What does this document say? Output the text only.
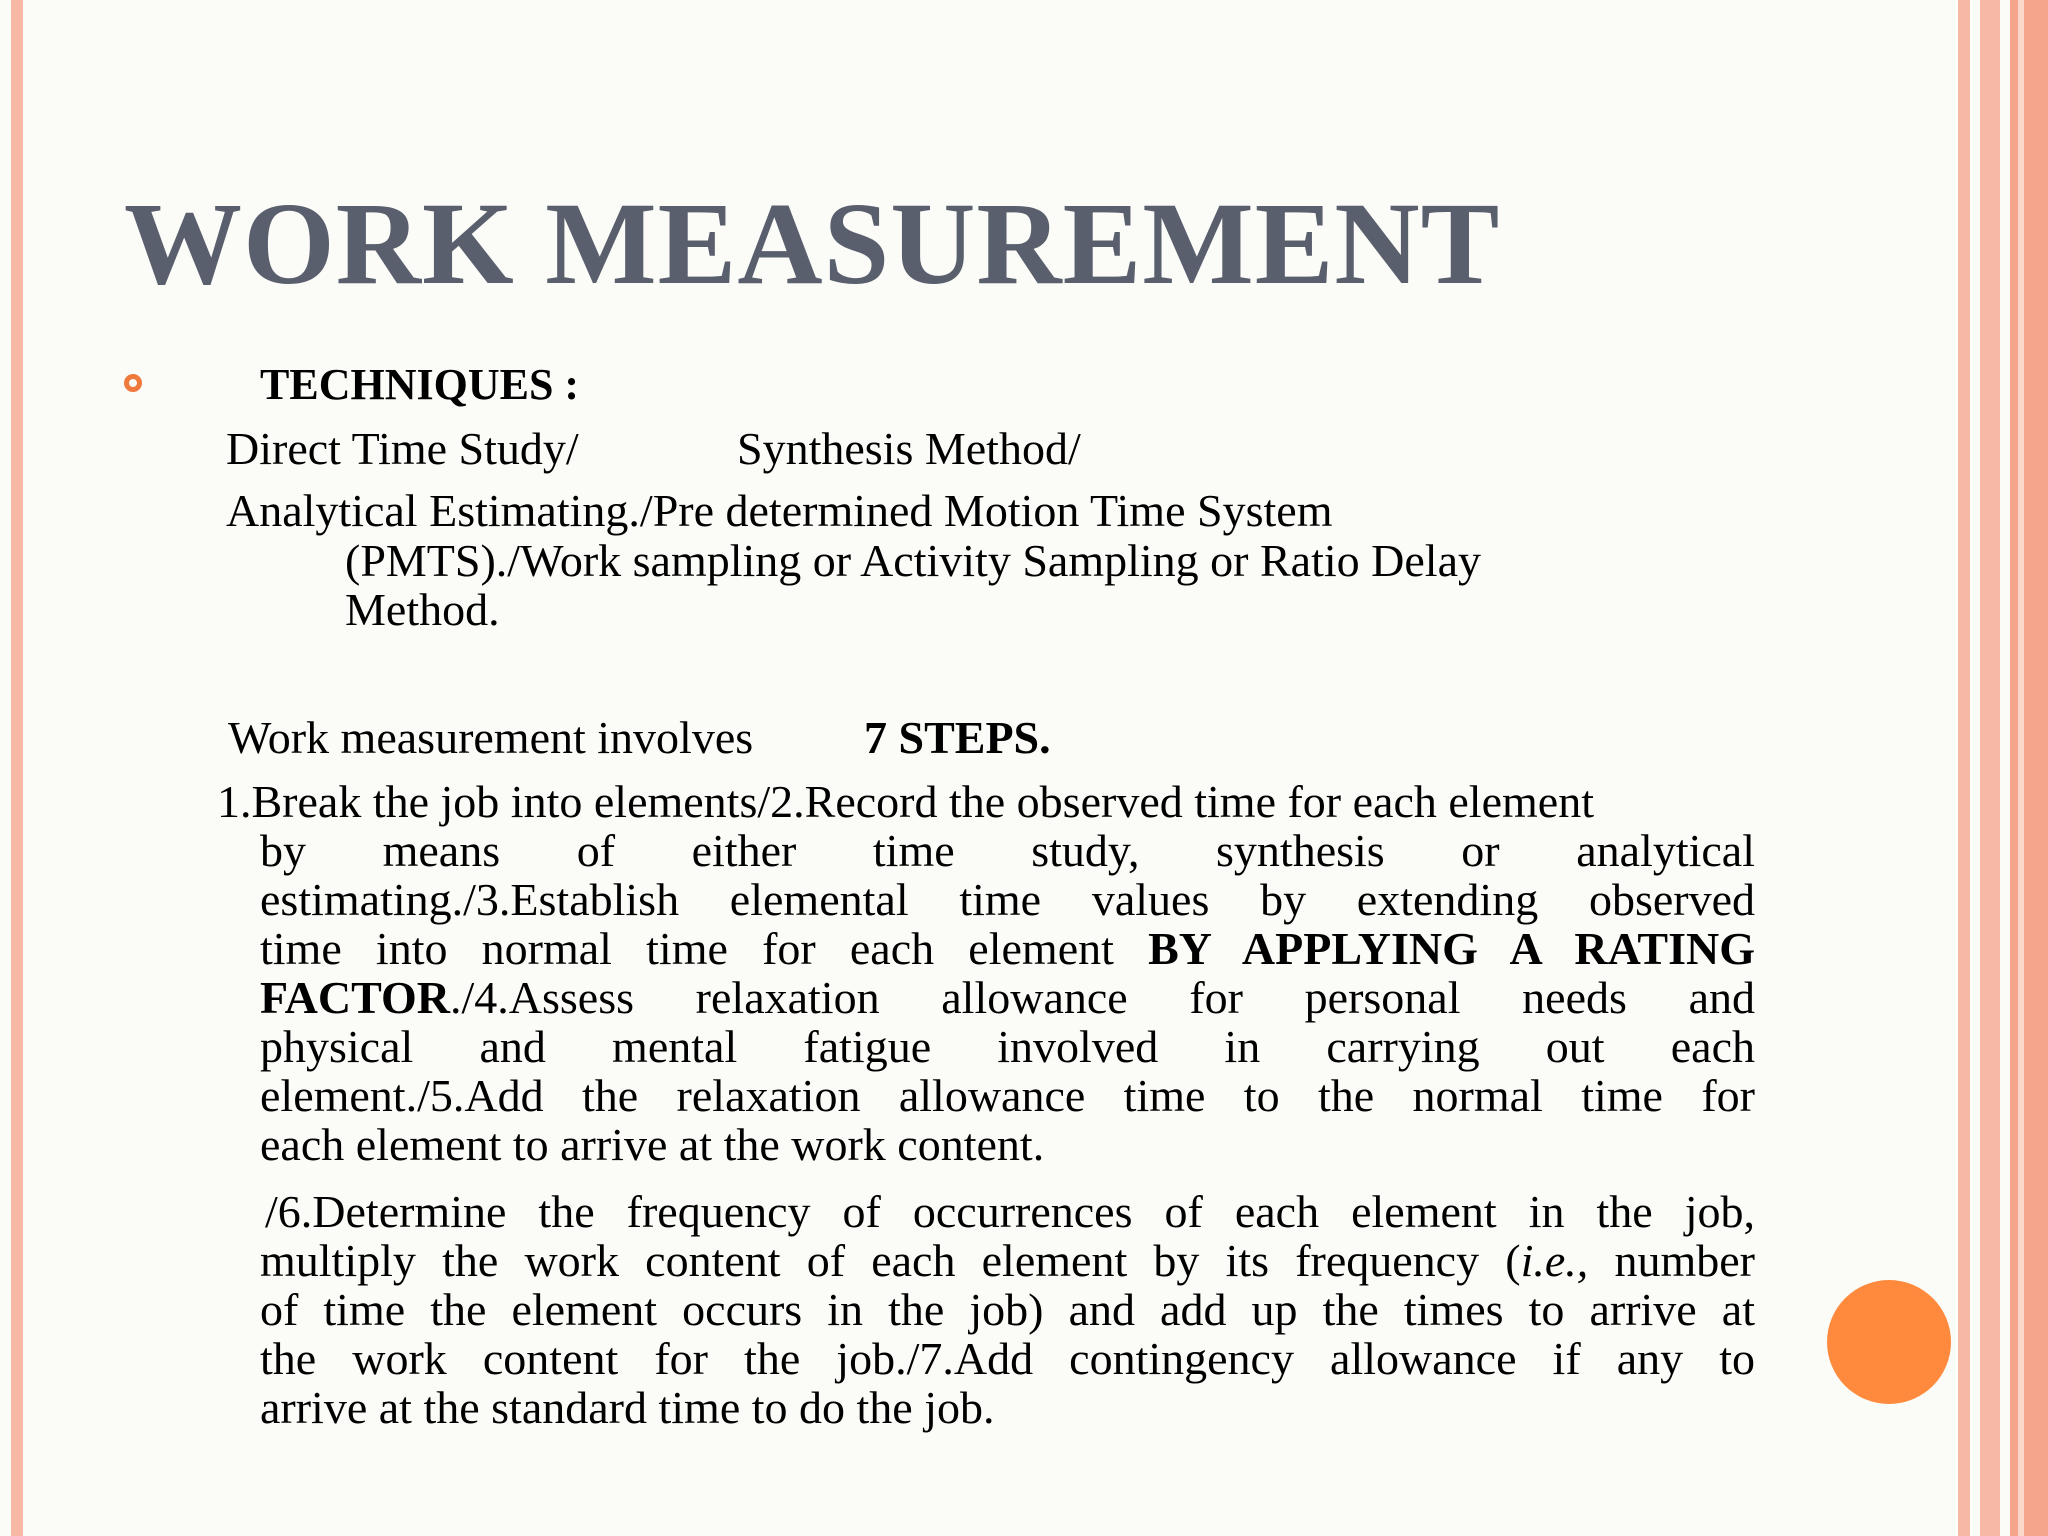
WORK MEASUREMENT
TECHNIQUES :
Direct Time Study/	Synthesis Method/
Analytical Estimating./Pre determined Motion Time System
(PMTS)./Work sampling or Activity Sampling or Ratio Delay
Method.
Work measurement involves 7 STEPS.
1.Break the job into elements/2.Record the observed time for each element
by means of either time study, synthesis or analytical
estimating./3.Establish elemental time values by extending observed
time into normal time for each element BY APPLYING A RATING
FACTOR./4.Assess relaxation allowance for personal needs and
physical and mental fatigue involved in carrying out each
element./5.Add the relaxation allowance time to the normal time for
each element to arrive at the work content.
/6.Determine the frequency of occurrences of each element in the job,
multiply the work content of each element by its frequency (i.e., number
of time the element occurs in the job) and add up the times to arrive at
the work content for the job./7.Add contingency allowance if any to
arrive at the standard time to do the job.
